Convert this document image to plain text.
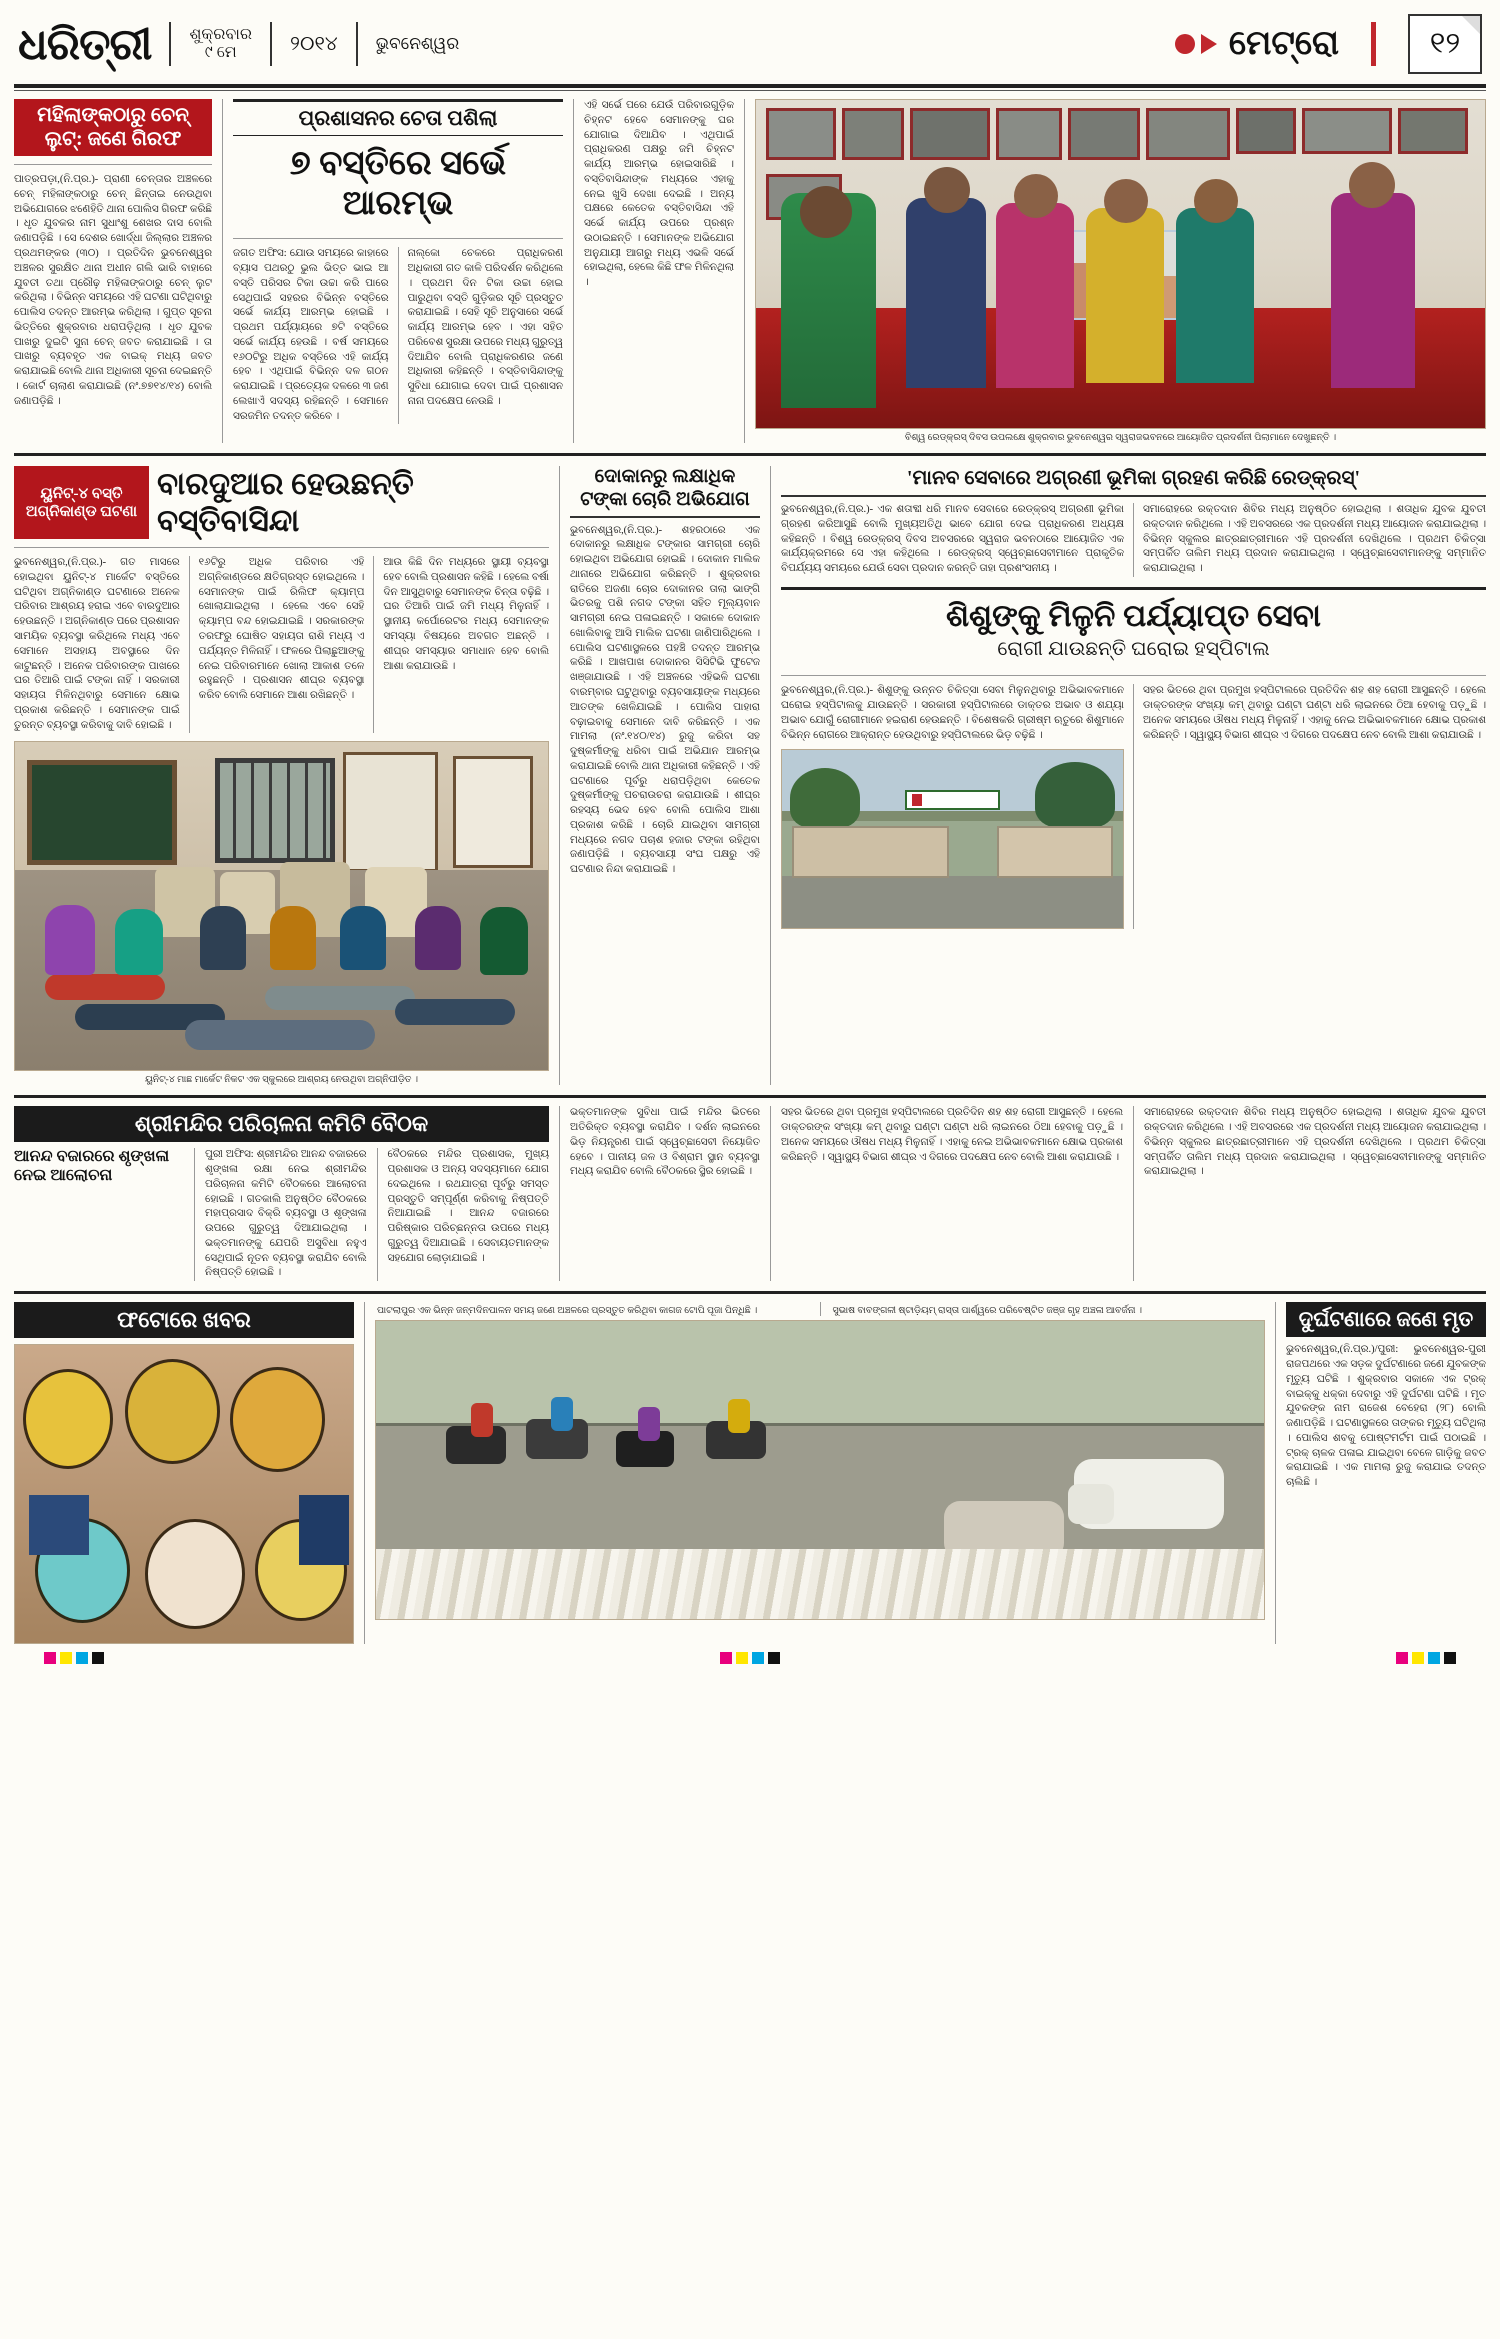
ଧରିତ୍ରୀ ଶୁକ୍ରବାର
୯ ମେ	୨୦୧୪ ଭୁବନେଶ୍ୱର	ମେଟ୍ରୋ	୧୨
ମହିଲାଙ୍କଠାରୁ ଚେନ୍ ଲୁଟ୍: ଜଣେ ଗିରଫ
ପାତ୍ରପଡ଼ା,(ନି.ପ୍ର.)- ପ୍ରାଣୀ ଚେନ୍ତାର ଅଞ୍ଚଳରେ ଚେନ୍ ମହିଳାଙ୍କଠାରୁ ଚେନ୍ ଛିନ୍ତାଇ ନେଉଥିବା ଅଭିଯୋଗରେ ଝଣେହିତି ଥାନା ପୋଲିସ ଗିରଫ କରିଛି । ଧୃତ ଯୁବକର ନାମ ସୁଧାଂଶୁ ଶେଖର ଦାସ ବୋଲି ଜଣାପଡ଼ିଛି । ସେ ଦେଶର ଖୋର୍ଦ୍ଧା ଜିଲ୍ଲାର ଅଞ୍ଚଳର ପ୍ରଥମଙ୍କର (୩୦) । ପ୍ରତିଦିନ ଭୁବନେଶ୍ୱର ଅଞ୍ଚଳର ସୁରକ୍ଷିତ ଥାନା ଅଧୀନ ଗଲି ଭାରି ବାହାରେ ଯୁବତୀ ତଥା ପ୍ରୌଢ଼ ମହିଳାଙ୍କଠାରୁ ଚେନ୍ ଲୁଟ କରିଥିଲା । ବିଭିନ୍ନ ସମୟରେ ଏହି ଘଟଣା ଘଟିଥିବାରୁ ପୋଲିସ ତଦନ୍ତ ଆରମ୍ଭ କରିଥିଲା । ଗୁପ୍ତ ସୂଚନା ଭିତ୍ତିରେ ଶୁକ୍ରବାର ଧରାପଡ଼ିଥିଲା । ଧୃତ ଯୁବକ ପାଖରୁ ଦୁଇଟି ସୁନା ଚେନ୍ ଜବତ କରାଯାଇଛି । ତା ପାଖରୁ ବ୍ୟବହୃତ ଏକ ବାଇକ୍ ମଧ୍ୟ ଜବତ କରାଯାଇଛି ବୋଲି ଥାନା ଅଧିକାରୀ ସୂଚନା ଦେଇଛନ୍ତି । କୋର୍ଟ ଚାଲାଣ କରାଯାଇଛି (ନଂ.୭୭୧୪/୧୪) ବୋଲି ଜଣାପଡ଼ିଛି ।
ପ୍ରଶାସନର ଚେତା ପଶିଲା
୭ ବସ୍ତିରେ ସର୍ଭେ ଆରମ୍ଭ
ଜଗତ ଅଫିସ: ଯୋଉ ସମୟରେ କାହାରେ ବ୍ୟାସ ପଥରଠୁ ଭୁଲ ଭିତ୍ତ ଭାଇ ଆ ବସ୍ତି ପରିସର ଟିକା ଉଚ୍ଚା କରି ପାରେ ସେଥିପାଇଁ ସହରର ବିଭିନ୍ନ ବସ୍ତିରେ ସର୍ଭେ କାର୍ଯ୍ୟ ଆରମ୍ଭ ହୋଇଛି । ପ୍ରଥମ ପର୍ଯ୍ୟାୟରେ ୭ଟି ବସ୍ତିରେ ସର୍ଭେ କାର୍ଯ୍ୟ ହେଉଛି । ବର୍ଷ ସମୟରେ ୧୬୦ଟିରୁ ଅଧିକ ବସ୍ତିରେ ଏହି କାର୍ଯ୍ୟ ହେବ । ଏଥିପାଇଁ ବିଭିନ୍ନ ଦଳ ଗଠନ କରାଯାଇଛି । ପ୍ରତ୍ୟେକ ଦଳରେ ୩ ଜଣ ଲେଖାଏଁ ସଦସ୍ୟ ରହିଛନ୍ତି । ସେମାନେ ସରଜମିନ ତଦନ୍ତ କରିବେ ।
ନାଲ୍କୋ ଚେକରେ ପ୍ରାଧିକରଣ ଅଧିକାରୀ ଗତ କାଳି ପରିଦର୍ଶନ କରିଥିଲେ । ପ୍ରଥମ ଦିନ ଟିକା ଉଚ୍ଚା ହୋଇ ପାରୁଥିବା ବସ୍ତି ଗୁଡ଼ିକର ସୂଚି ପ୍ରସ୍ତୁତ କରାଯାଇଛି । ସେହି ସୂଚି ଅନୁସାରେ ସର୍ଭେ କାର୍ଯ୍ୟ ଆରମ୍ଭ ହେବ । ଏହା ସହିତ ପରିବେଶ ସୁରକ୍ଷା ଉପରେ ମଧ୍ୟ ଗୁରୁତ୍ୱ ଦିଆଯିବ ବୋଲି ପ୍ରାଧିକରଣର ଜଣେ ଅଧିକାରୀ କହିଛନ୍ତି । ବସ୍ତିବାସିନ୍ଦାଙ୍କୁ ସୁବିଧା ଯୋଗାଇ ଦେବା ପାଇଁ ପ୍ରଶାସନ ନାନା ପଦକ୍ଷେପ ନେଉଛି ।
ଏହି ସର୍ଭେ ପରେ ଯେଉଁ ପରିବାରଗୁଡ଼ିକ ଚିହ୍ନଟ ହେବେ ସେମାନଙ୍କୁ ଘର ଯୋଗାଇ ଦିଆଯିବ । ଏଥିପାଇଁ ପ୍ରାଧିକରଣ ପକ୍ଷରୁ ଜମି ଚିହ୍ନଟ କାର୍ଯ୍ୟ ଆରମ୍ଭ ହୋଇସାରିଛି । ବସ୍ତିବାସିନ୍ଦାଙ୍କ ମଧ୍ୟରେ ଏହାକୁ ନେଇ ଖୁସି ଦେଖା ଦେଇଛି । ଅନ୍ୟ ପକ୍ଷରେ କେତେକ ବସ୍ତିବାସିନ୍ଦା ଏହି ସର୍ଭେ କାର୍ଯ୍ୟ ଉପରେ ପ୍ରଶ୍ନ ଉଠାଇଛନ୍ତି । ସେମାନଙ୍କ ଅଭିଯୋଗ ଅନୁଯାୟୀ ଆଗରୁ ମଧ୍ୟ ଏଭଳି ସର୍ଭେ ହୋଇଥିଲା, ହେଲେ କିଛି ଫଳ ମିଳିନଥିଲା ।
ବିଶ୍ୱ ରେଡ୍‌କ୍ରସ୍ ଦିବସ ଉପଲକ୍ଷେ ଶୁକ୍ରବାର ଭୁବନେଶ୍ୱର ସ୍ୱରାଜଭବନରେ ଆୟୋଜିତ ପ୍ରଦର୍ଶନୀ ପିଲାମାନେ ଦେଖୁଛନ୍ତି ।
ୟୁନିଟ୍-୪ ବସ୍ତି ଅଗ୍ନିକାଣ୍ଡ ଘଟଣା
ବାରଦୁଆର ହେଉଛନ୍ତି ବସ୍ତିବାସିନ୍ଦା
ଭୁବନେଶ୍ୱର,(ନି.ପ୍ର.)- ଗତ ମାସରେ ହୋଇଥିବା ୟୁନିଟ୍-୪ ମାର୍କେଟ ବସ୍ତିରେ ଘଟିଥିବା ଅଗ୍ନିକାଣ୍ଡ ଘଟଣାରେ ଅନେକ ପରିବାର ଆଶ୍ରୟ ହରାଇ ଏବେ ବାରଦୁଆର ହେଉଛନ୍ତି । ଅଗ୍ନିକାଣ୍ଡ ପରେ ପ୍ରଶାସନ ସାମୟିକ ବ୍ୟବସ୍ଥା କରିଥିଲେ ମଧ୍ୟ ଏବେ ସେମାନେ ଅସହାୟ ଅବସ୍ଥାରେ ଦିନ କାଟୁଛନ୍ତି । ଅନେକ ପରିବାରଙ୍କ ପାଖରେ ଘର ତିଆରି ପାଇଁ ଟଙ୍କା ନାହିଁ । ସରକାରୀ ସହାୟତା ମିଳିନଥିବାରୁ ସେମାନେ କ୍ଷୋଭ ପ୍ରକାଶ କରିଛନ୍ତି । ସେମାନଙ୍କ ପାଇଁ ତୁରନ୍ତ ବ୍ୟବସ୍ଥା କରିବାକୁ ଦାବି ହୋଇଛି ।
୧୬ଟିରୁ ଅଧିକ ପରିବାର ଏହି ଅଗ୍ନିକାଣ୍ଡରେ କ୍ଷତିଗ୍ରସ୍ତ ହୋଇଥିଲେ । ସେମାନଙ୍କ ପାଇଁ ରିଲିଫ କ୍ୟାମ୍ପ ଖୋଲାଯାଇଥିଲା । ହେଲେ ଏବେ ସେହି କ୍ୟାମ୍ପ ବନ୍ଦ ହୋଇଯାଇଛି । ସରକାରଙ୍କ ତରଫରୁ ଘୋଷିତ ସହାୟତା ରାଶି ମଧ୍ୟ ଏ ପର୍ଯ୍ୟନ୍ତ ମିଳିନାହିଁ । ଫଳରେ ପିଲାଛୁଆଙ୍କୁ ନେଇ ପରିବାରମାନେ ଖୋଲା ଆକାଶ ତଳେ ରହୁଛନ୍ତି । ପ୍ରଶାସନ ଶୀଘ୍ର ବ୍ୟବସ୍ଥା କରିବ ବୋଲି ସେମାନେ ଆଶା ରଖିଛନ୍ତି ।
ଆଉ କିଛି ଦିନ ମଧ୍ୟରେ ସ୍ଥାୟୀ ବ୍ୟବସ୍ଥା ହେବ ବୋଲି ପ୍ରଶାସନ କହିଛି । ହେଲେ ବର୍ଷା ଦିନ ଆସୁଥିବାରୁ ସେମାନଙ୍କ ଚିନ୍ତା ବଢ଼ିଛି । ଘର ତିଆରି ପାଇଁ ଜମି ମଧ୍ୟ ମିଳୁନାହିଁ । ସ୍ଥାନୀୟ କର୍ପୋରେଟର ମଧ୍ୟ ସେମାନଙ୍କ ସମସ୍ୟା ବିଷୟରେ ଅବଗତ ଅଛନ୍ତି । ଶୀଘ୍ର ସମସ୍ୟାର ସମାଧାନ ହେବ ବୋଲି ଆଶା କରାଯାଉଛି ।
ୟୁନିଟ୍-୪ ମାଛ ମାର୍କେଟ ନିକଟ ଏକ ସ୍କୁଲରେ ଆଶ୍ରୟ ନେଉଥିବା ଅଗ୍ନିପୀଡ଼ିତ ।
ଦୋକାନରୁ ଲକ୍ଷାଧିକ ଟଙ୍କା ଚୋରି ଅଭିଯୋଗ
ଭୁବନେଶ୍ୱର,(ନି.ପ୍ର.)- ଶହରଠାରେ ଏକ ଦୋକାନରୁ ଲକ୍ଷାଧିକ ଟଙ୍କାର ସାମଗ୍ରୀ ଚୋରି ହୋଇଥିବା ଅଭିଯୋଗ ହୋଇଛି । ଦୋକାନ ମାଲିକ ଥାନାରେ ଅଭିଯୋଗ କରିଛନ୍ତି । ଶୁକ୍ରବାର ରାତିରେ ଅଜଣା ଚୋର ଦୋକାନର ତାଲା ଭାଙ୍ଗି ଭିତରକୁ ପଶି ନଗଦ ଟଙ୍କା ସହିତ ମୂଲ୍ୟବାନ ସାମଗ୍ରୀ ନେଇ ପଳାଇଛନ୍ତି । ସକାଳେ ଦୋକାନ ଖୋଲିବାକୁ ଆସି ମାଲିକ ଘଟଣା ଜାଣିପାରିଥିଲେ । ପୋଲିସ ଘଟଣାସ୍ଥଳରେ ପହଞ୍ଚି ତଦନ୍ତ ଆରମ୍ଭ କରିଛି । ଆଖପାଖ ଦୋକାନର ସିସିଟିଭି ଫୁଟେଜ ଖଞ୍ଜାଯାଉଛି । ଏହି ଅଞ୍ଚଳରେ ଏହିଭଳି ଘଟଣା ବାରମ୍ବାର ଘଟୁଥିବାରୁ ବ୍ୟବସାୟୀଙ୍କ ମଧ୍ୟରେ ଆତଙ୍କ ଖେଳିଯାଇଛି । ପୋଲିସ ପାହାରା ବଢ଼ାଇବାକୁ ସେମାନେ ଦାବି କରିଛନ୍ତି । ଏକ ମାମଲା (ନଂ.୧୪୦/୧୪) ରୁଜୁ କରିବା ସହ ଦୁଷ୍କର୍ମୀଙ୍କୁ ଧରିବା ପାଇଁ ଅଭିଯାନ ଆରମ୍ଭ କରାଯାଇଛି ବୋଲି ଥାନା ଅଧିକାରୀ କହିଛନ୍ତି । ଏହି ଘଟଣାରେ ପୂର୍ବରୁ ଧରାପଡ଼ିଥିବା କେତେକ ଦୁଷ୍କର୍ମୀଙ୍କୁ ପଚରାଉଚରା କରାଯାଉଛି । ଶୀଘ୍ର ରହସ୍ୟ ଭେଦ ହେବ ବୋଲି ପୋଲିସ ଆଶା ପ୍ରକାଶ କରିଛି । ଚୋରି ଯାଇଥିବା ସାମଗ୍ରୀ ମଧ୍ୟରେ ନଗଦ ପଚାଶ ହଜାର ଟଙ୍କା ରହିଥିବା ଜଣାପଡ଼ିଛି । ବ୍ୟବସାୟୀ ସଂଘ ପକ୍ଷରୁ ଏହି ଘଟଣାର ନିନ୍ଦା କରାଯାଇଛି ।
'ମାନବ ସେବାରେ ଅଗ୍ରଣୀ ଭୂମିକା ଗ୍ରହଣ କରିଛି ରେଡ୍‌କ୍ରସ୍'
ଭୁବନେଶ୍ୱର,(ନି.ପ୍ର.)- ଏକ ଶତାବ୍ଦୀ ଧରି ମାନବ ସେବାରେ ରେଡ୍‌କ୍ରସ୍ ଅଗ୍ରଣୀ ଭୂମିକା ଗ୍ରହଣ କରିଆସୁଛି ବୋଲି ମୁଖ୍ୟଅତିଥି ଭାବେ ଯୋଗ ଦେଇ ପ୍ରାଧିକରଣ ଅଧ୍ୟକ୍ଷ କହିଛନ୍ତି । ବିଶ୍ୱ ରେଡ୍‌କ୍ରସ୍ ଦିବସ ଅବସରରେ ସ୍ୱରାଜ ଭବନଠାରେ ଆୟୋଜିତ ଏକ କାର୍ଯ୍ୟକ୍ରମରେ ସେ ଏହା କହିଥିଲେ । ରେଡ୍‌କ୍ରସ୍ ସ୍ୱେଚ୍ଛାସେବୀମାନେ ପ୍ରାକୃତିକ ବିପର୍ଯ୍ୟୟ ସମୟରେ ଯେଉଁ ସେବା ପ୍ରଦାନ କରନ୍ତି ତାହା ପ୍ରଶଂସନୀୟ ।
ସମାରୋହରେ ରକ୍ତଦାନ ଶିବିର ମଧ୍ୟ ଅନୁଷ୍ଠିତ ହୋଇଥିଲା । ଶତାଧିକ ଯୁବକ ଯୁବତୀ ରକ୍ତଦାନ କରିଥିଲେ । ଏହି ଅବସରରେ ଏକ ପ୍ରଦର୍ଶନୀ ମଧ୍ୟ ଆୟୋଜନ କରାଯାଇଥିଲା । ବିଭିନ୍ନ ସ୍କୁଲର ଛାତ୍ରଛାତ୍ରୀମାନେ ଏହି ପ୍ରଦର୍ଶନୀ ଦେଖିଥିଲେ । ପ୍ରଥମ ଚିକିତ୍ସା ସମ୍ପର୍କିତ ତାଲିମ ମଧ୍ୟ ପ୍ରଦାନ କରାଯାଇଥିଲା । ସ୍ୱେଚ୍ଛାସେବୀମାନଙ୍କୁ ସମ୍ମାନିତ କରାଯାଇଥିଲା ।
ଶିଶୁଙ୍କୁ ମିଳୁନି ପର୍ଯ୍ୟାପ୍ତ ସେବା
ରୋଗୀ ଯାଉଛନ୍ତି ଘରୋଇ ହସ୍ପିଟାଲ
ଭୁବନେଶ୍ୱର,(ନି.ପ୍ର.)- ଶିଶୁଙ୍କୁ ଉନ୍ନତ ଚିକିତ୍ସା ସେବା ମିଳୁନଥିବାରୁ ଅଭିଭାବକମାନେ ଘରୋଇ ହସ୍ପିଟାଲକୁ ଯାଉଛନ୍ତି । ସରକାରୀ ହସ୍ପିଟାଲରେ ଡାକ୍ତର ଅଭାବ ଓ ଶଯ୍ୟା ଅଭାବ ଯୋଗୁଁ ରୋଗୀମାନେ ହଇରାଣ ହେଉଛନ୍ତି । ବିଶେଷକରି ଗ୍ରୀଷ୍ମ ଋତୁରେ ଶିଶୁମାନେ ବିଭିନ୍ନ ରୋଗରେ ଆକ୍ରାନ୍ତ ହେଉଥିବାରୁ ହସ୍ପିଟାଲରେ ଭିଡ଼ ବଢ଼ିଛି ।
ସହର ଭିତରେ ଥିବା ପ୍ରମୁଖ ହସ୍ପିଟାଲରେ ପ୍ରତିଦିନ ଶହ ଶହ ରୋଗୀ ଆସୁଛନ୍ତି । ହେଲେ ଡାକ୍ତରଙ୍କ ସଂଖ୍ୟା କମ୍ ଥିବାରୁ ଘଣ୍ଟା ଘଣ୍ଟା ଧରି ଲାଇନରେ ଠିଆ ହେବାକୁ ପଡ଼ୁଛି । ଅନେକ ସମୟରେ ଔଷଧ ମଧ୍ୟ ମିଳୁନାହିଁ । ଏହାକୁ ନେଇ ଅଭିଭାବକମାନେ କ୍ଷୋଭ ପ୍ରକାଶ କରିଛନ୍ତି । ସ୍ୱାସ୍ଥ୍ୟ ବିଭାଗ ଶୀଘ୍ର ଏ ଦିଗରେ ପଦକ୍ଷେପ ନେବ ବୋଲି ଆଶା କରାଯାଉଛି ।
ଶ୍ରୀମନ୍ଦିର ପରିଚାଳନା କମିଟି ବୈଠକ
ଆନନ୍ଦ ବଜାରରେ ଶୃଙ୍ଖଳା ନେଇ ଆଲୋଚନା
ପୁରୀ ଅଫିସ: ଶ୍ରୀମନ୍ଦିର ଆନନ୍ଦ ବଜାରରେ ଶୃଙ୍ଖଳା ରକ୍ଷା ନେଇ ଶ୍ରୀମନ୍ଦିର ପରିଚାଳନା କମିଟି ବୈଠକରେ ଆଲୋଚନା ହୋଇଛି । ଗତକାଲି ଅନୁଷ୍ଠିତ ବୈଠକରେ ମହାପ୍ରସାଦ ବିକ୍ରି ବ୍ୟବସ୍ଥା ଓ ଶୃଙ୍ଖଳା ଉପରେ ଗୁରୁତ୍ୱ ଦିଆଯାଇଥିଲା । ଭକ୍ତମାନଙ୍କୁ ଯେପରି ଅସୁବିଧା ନହୁଏ ସେଥିପାଇଁ ନୂତନ ବ୍ୟବସ୍ଥା କରାଯିବ ବୋଲି ନିଷ୍ପତ୍ତି ହୋଇଛି ।
ବୈଠକରେ ମନ୍ଦିର ପ୍ରଶାସକ, ମୁଖ୍ୟ ପ୍ରଶାସକ ଓ ଅନ୍ୟ ସଦସ୍ୟମାନେ ଯୋଗ ଦେଇଥିଲେ । ରଥଯାତ୍ରା ପୂର୍ବରୁ ସମସ୍ତ ପ୍ରସ୍ତୁତି ସମ୍ପୂର୍ଣ୍ଣ କରିବାକୁ ନିଷ୍ପତ୍ତି ନିଆଯାଇଛି । ଆନନ୍ଦ ବଜାରରେ ପରିଷ୍କାର ପରିଚ୍ଛନ୍ନତା ଉପରେ ମଧ୍ୟ ଗୁରୁତ୍ୱ ଦିଆଯାଇଛି । ସେବାୟତମାନଙ୍କ ସହଯୋଗ ଲୋଡ଼ାଯାଇଛି ।
ଭକ୍ତମାନଙ୍କ ସୁବିଧା ପାଇଁ ମନ୍ଦିର ଭିତରେ ଅତିରିକ୍ତ ବ୍ୟବସ୍ଥା କରାଯିବ । ଦର୍ଶନ ଲାଇନରେ ଭିଡ଼ ନିୟନ୍ତ୍ରଣ ପାଇଁ ସ୍ୱେଚ୍ଛାସେବୀ ନିୟୋଜିତ ହେବେ । ପାନୀୟ ଜଳ ଓ ବିଶ୍ରାମ ସ୍ଥାନ ବ୍ୟବସ୍ଥା ମଧ୍ୟ କରାଯିବ ବୋଲି ବୈଠକରେ ସ୍ଥିର ହୋଇଛି ।
ସହର ଭିତରେ ଥିବା ପ୍ରମୁଖ ହସ୍ପିଟାଲରେ ପ୍ରତିଦିନ ଶହ ଶହ ରୋଗୀ ଆସୁଛନ୍ତି । ହେଲେ ଡାକ୍ତରଙ୍କ ସଂଖ୍ୟା କମ୍ ଥିବାରୁ ଘଣ୍ଟା ଘଣ୍ଟା ଧରି ଲାଇନରେ ଠିଆ ହେବାକୁ ପଡ଼ୁଛି । ଅନେକ ସମୟରେ ଔଷଧ ମଧ୍ୟ ମିଳୁନାହିଁ । ଏହାକୁ ନେଇ ଅଭିଭାବକମାନେ କ୍ଷୋଭ ପ୍ରକାଶ କରିଛନ୍ତି । ସ୍ୱାସ୍ଥ୍ୟ ବିଭାଗ ଶୀଘ୍ର ଏ ଦିଗରେ ପଦକ୍ଷେପ ନେବ ବୋଲି ଆଶା କରାଯାଉଛି ।
ସମାରୋହରେ ରକ୍ତଦାନ ଶିବିର ମଧ୍ୟ ଅନୁଷ୍ଠିତ ହୋଇଥିଲା । ଶତାଧିକ ଯୁବକ ଯୁବତୀ ରକ୍ତଦାନ କରିଥିଲେ । ଏହି ଅବସରରେ ଏକ ପ୍ରଦର୍ଶନୀ ମଧ୍ୟ ଆୟୋଜନ କରାଯାଇଥିଲା । ବିଭିନ୍ନ ସ୍କୁଲର ଛାତ୍ରଛାତ୍ରୀମାନେ ଏହି ପ୍ରଦର୍ଶନୀ ଦେଖିଥିଲେ । ପ୍ରଥମ ଚିକିତ୍ସା ସମ୍ପର୍କିତ ତାଲିମ ମଧ୍ୟ ପ୍ରଦାନ କରାଯାଇଥିଲା । ସ୍ୱେଚ୍ଛାସେବୀମାନଙ୍କୁ ସମ୍ମାନିତ କରାଯାଇଥିଲା ।
ଫଟୋରେ ଖବର	ପାଟଲାପୁର ଏକ ଭିନ୍ନ ଜନ୍ମଦିନପାଳନ ସମୟ ଜଣେ ଅଞ୍ଚଳରେ ପ୍ରସ୍ତୁତ କରିଥିବା କାଗଜ ଟୋପି ପୂଜା ପିନ୍ଧିଛି ।	ସୁଭାଷ ବାବଙ୍ଗଳୀ ଷ୍ଟାଡ଼ିୟମ୍ ରାସ୍ତା ପାର୍ଶ୍ୱରେ ପରିବେଷ୍ଟିତ ଜଞ୍ଜ ଗୃହ ଅଞ୍ଚଳା ଆବର୍ଜନା ।	ଦୁର୍ଘଟଣାରେ ଜଣେ ମୃତ
ଭୁବନେଶ୍ୱର,(ନି.ପ୍ର.)/ପୁରୀ: ଭୁବନେଶ୍ୱର-ପୁରୀ ରାଜପଥରେ ଏକ ସଡ଼କ ଦୁର୍ଘଟଣାରେ ଜଣେ ଯୁବକଙ୍କ ମୃତ୍ୟୁ ଘଟିଛି । ଶୁକ୍ରବାର ସକାଳେ ଏକ ଟ୍ରକ୍ ବାଇକ୍‌କୁ ଧକ୍କା ଦେବାରୁ ଏହି ଦୁର୍ଘଟଣା ଘଟିଛି । ମୃତ ଯୁବକଙ୍କ ନାମ ରାଜେଶ ବେହେରା (୨୮) ବୋଲି ଜଣାପଡ଼ିଛି । ଘଟଣାସ୍ଥଳରେ ତାଙ୍କର ମୃତ୍ୟୁ ଘଟିଥିଲା । ପୋଲିସ ଶବକୁ ପୋଷ୍ଟମର୍ଟମ ପାଇଁ ପଠାଇଛି । ଟ୍ରକ୍ ଚାଳକ ପଳାଇ ଯାଇଥିବା ବେଳେ ଗାଡ଼ିକୁ ଜବତ କରାଯାଇଛି । ଏକ ମାମଲା ରୁଜୁ କରାଯାଇ ତଦନ୍ତ ଚାଲିଛି ।
